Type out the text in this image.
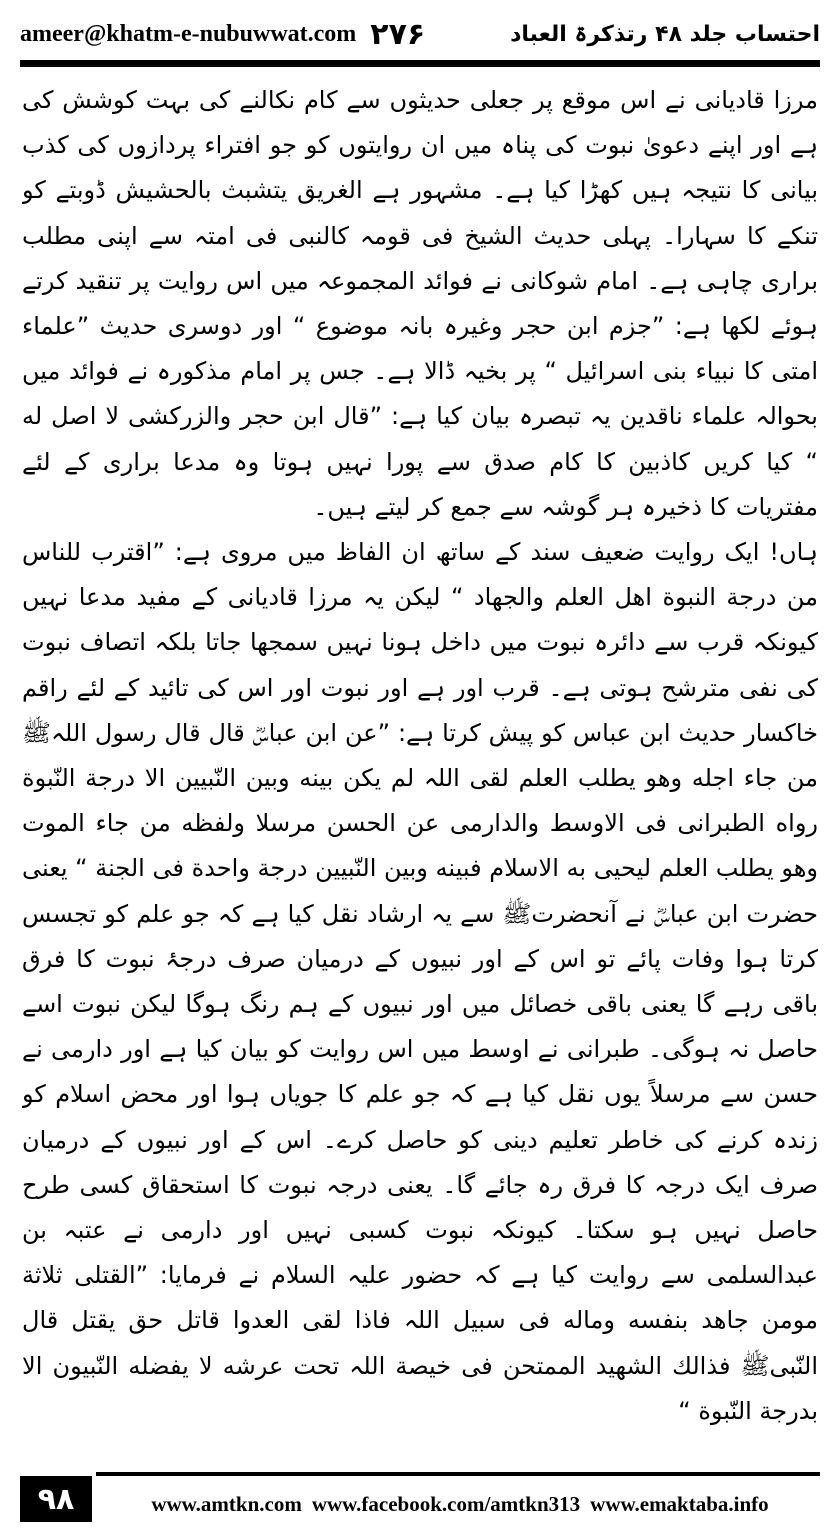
ameer@khatm-e-nubuwwat.com ۲۷۶	احتساب جلد ۴۸ رتذکرۃ العباد

مرزا قادیانی نے اس موقع پر جعلی حدیثوں سے کام نکالنے کی بہت کوشش کی ہے اور اپنے دعویٰ نبوت کی پناہ میں ان روایتوں کو جو افتراء پردازوں کی کذب بیانی کا نتیجہ ہیں کھڑا کیا ہے۔ مشہور ہے الغریق یتشبث بالحشیش ڈوبتے کو تنکے کا سہارا۔ پہلی حدیث الشیخ فی قومہ کالنبی فی امتہ سے اپنی مطلب براری چاہی ہے۔ امام شوکانی نے فوائد المجموعہ میں اس روایت پر تنقید کرتے ہوئے لکھا ہے: ”جزم ابن حجر وغیرہ بانہ موضوع “ اور دوسری حدیث ”علماء امتی کا نبیاء بنی اسرائیل “ پر بخیہ ڈالا ہے۔ جس پر امام مذکورہ نے فوائد میں بحوالہ علماء ناقدین یہ تبصرہ بیان کیا ہے: ”قال ابن حجر والزرکشی لا اصل له “ کیا کریں کاذبین کا کام صدق سے پورا نہیں ہوتا وہ مدعا براری کے لئے مفتریات کا ذخیرہ ہر گوشہ سے جمع کر لیتے ہیں۔

ہاں! ایک روایت ضعیف سند کے ساتھ ان الفاظ میں مروی ہے: ”اقترب للناس من درجة النبوة اهل العلم والجهاد “ لیکن یہ مرزا قادیانی کے مفید مدعا نہیں کیونکہ قرب سے دائرہ نبوت میں داخل ہونا نہیں سمجھا جاتا بلکہ اتصاف نبوت کی نفی مترشح ہوتی ہے۔ قرب اور ہے اور نبوت اور اس کی تائید کے لئے راقم خاکسار حدیث ابن عباس کو پیش کرتا ہے: ”عن ابن عباسؓ قال قال رسول اللہﷺ من جاء اجله وهو یطلب العلم لقی اللہ لم یکن بینه وبین النّبیین الا درجة النّبوة رواه الطبرانی فی الاوسط والدارمی عن الحسن مرسلا ولفظه من جاء الموت وهو یطلب العلم لیحیی به الاسلام فبینه وبین النّبیین درجة واحدة فی الجنة “ یعنی حضرت ابن عباسؓ نے آنحضرتﷺ سے یہ ارشاد نقل کیا ہے کہ جو علم کو تجسس کرتا ہوا وفات پائے تو اس کے اور نبیوں کے درمیان صرف درجۂ نبوت کا فرق باقی رہے گا یعنی باقی خصائل میں اور نبیوں کے ہم رنگ ہوگا لیکن نبوت اسے حاصل نہ ہوگی۔ طبرانی نے اوسط میں اس روایت کو بیان کیا ہے اور دارمی نے حسن سے مرسلاً یوں نقل کیا ہے کہ جو علم کا جویاں ہوا اور محض اسلام کو زندہ کرنے کی خاطر تعلیم دینی کو حاصل کرے۔ اس کے اور نبیوں کے درمیان صرف ایک درجہ کا فرق رہ جائے گا۔ یعنی درجہ نبوت کا استحقاق کسی طرح حاصل نہیں ہو سکتا۔ کیونکہ نبوت کسبی نہیں اور دارمی نے عتبہ بن عبدالسلمی سے روایت کیا ہے کہ حضور علیہ السلام نے فرمایا: ”القتلی ثلاثة مومن جاهد بنفسه وماله فی سبیل اللہ فاذا لقی العدوا قاتل حق یقتل قال النّبیﷺ فذالك الشهید الممتحن فی خیصة اللہ تحت عرشه لا یفضله النّبیون الا بدرجة النّبوة “

۹۸	www.amtkn.com www.facebook.com/amtkn313 www.emaktaba.info
